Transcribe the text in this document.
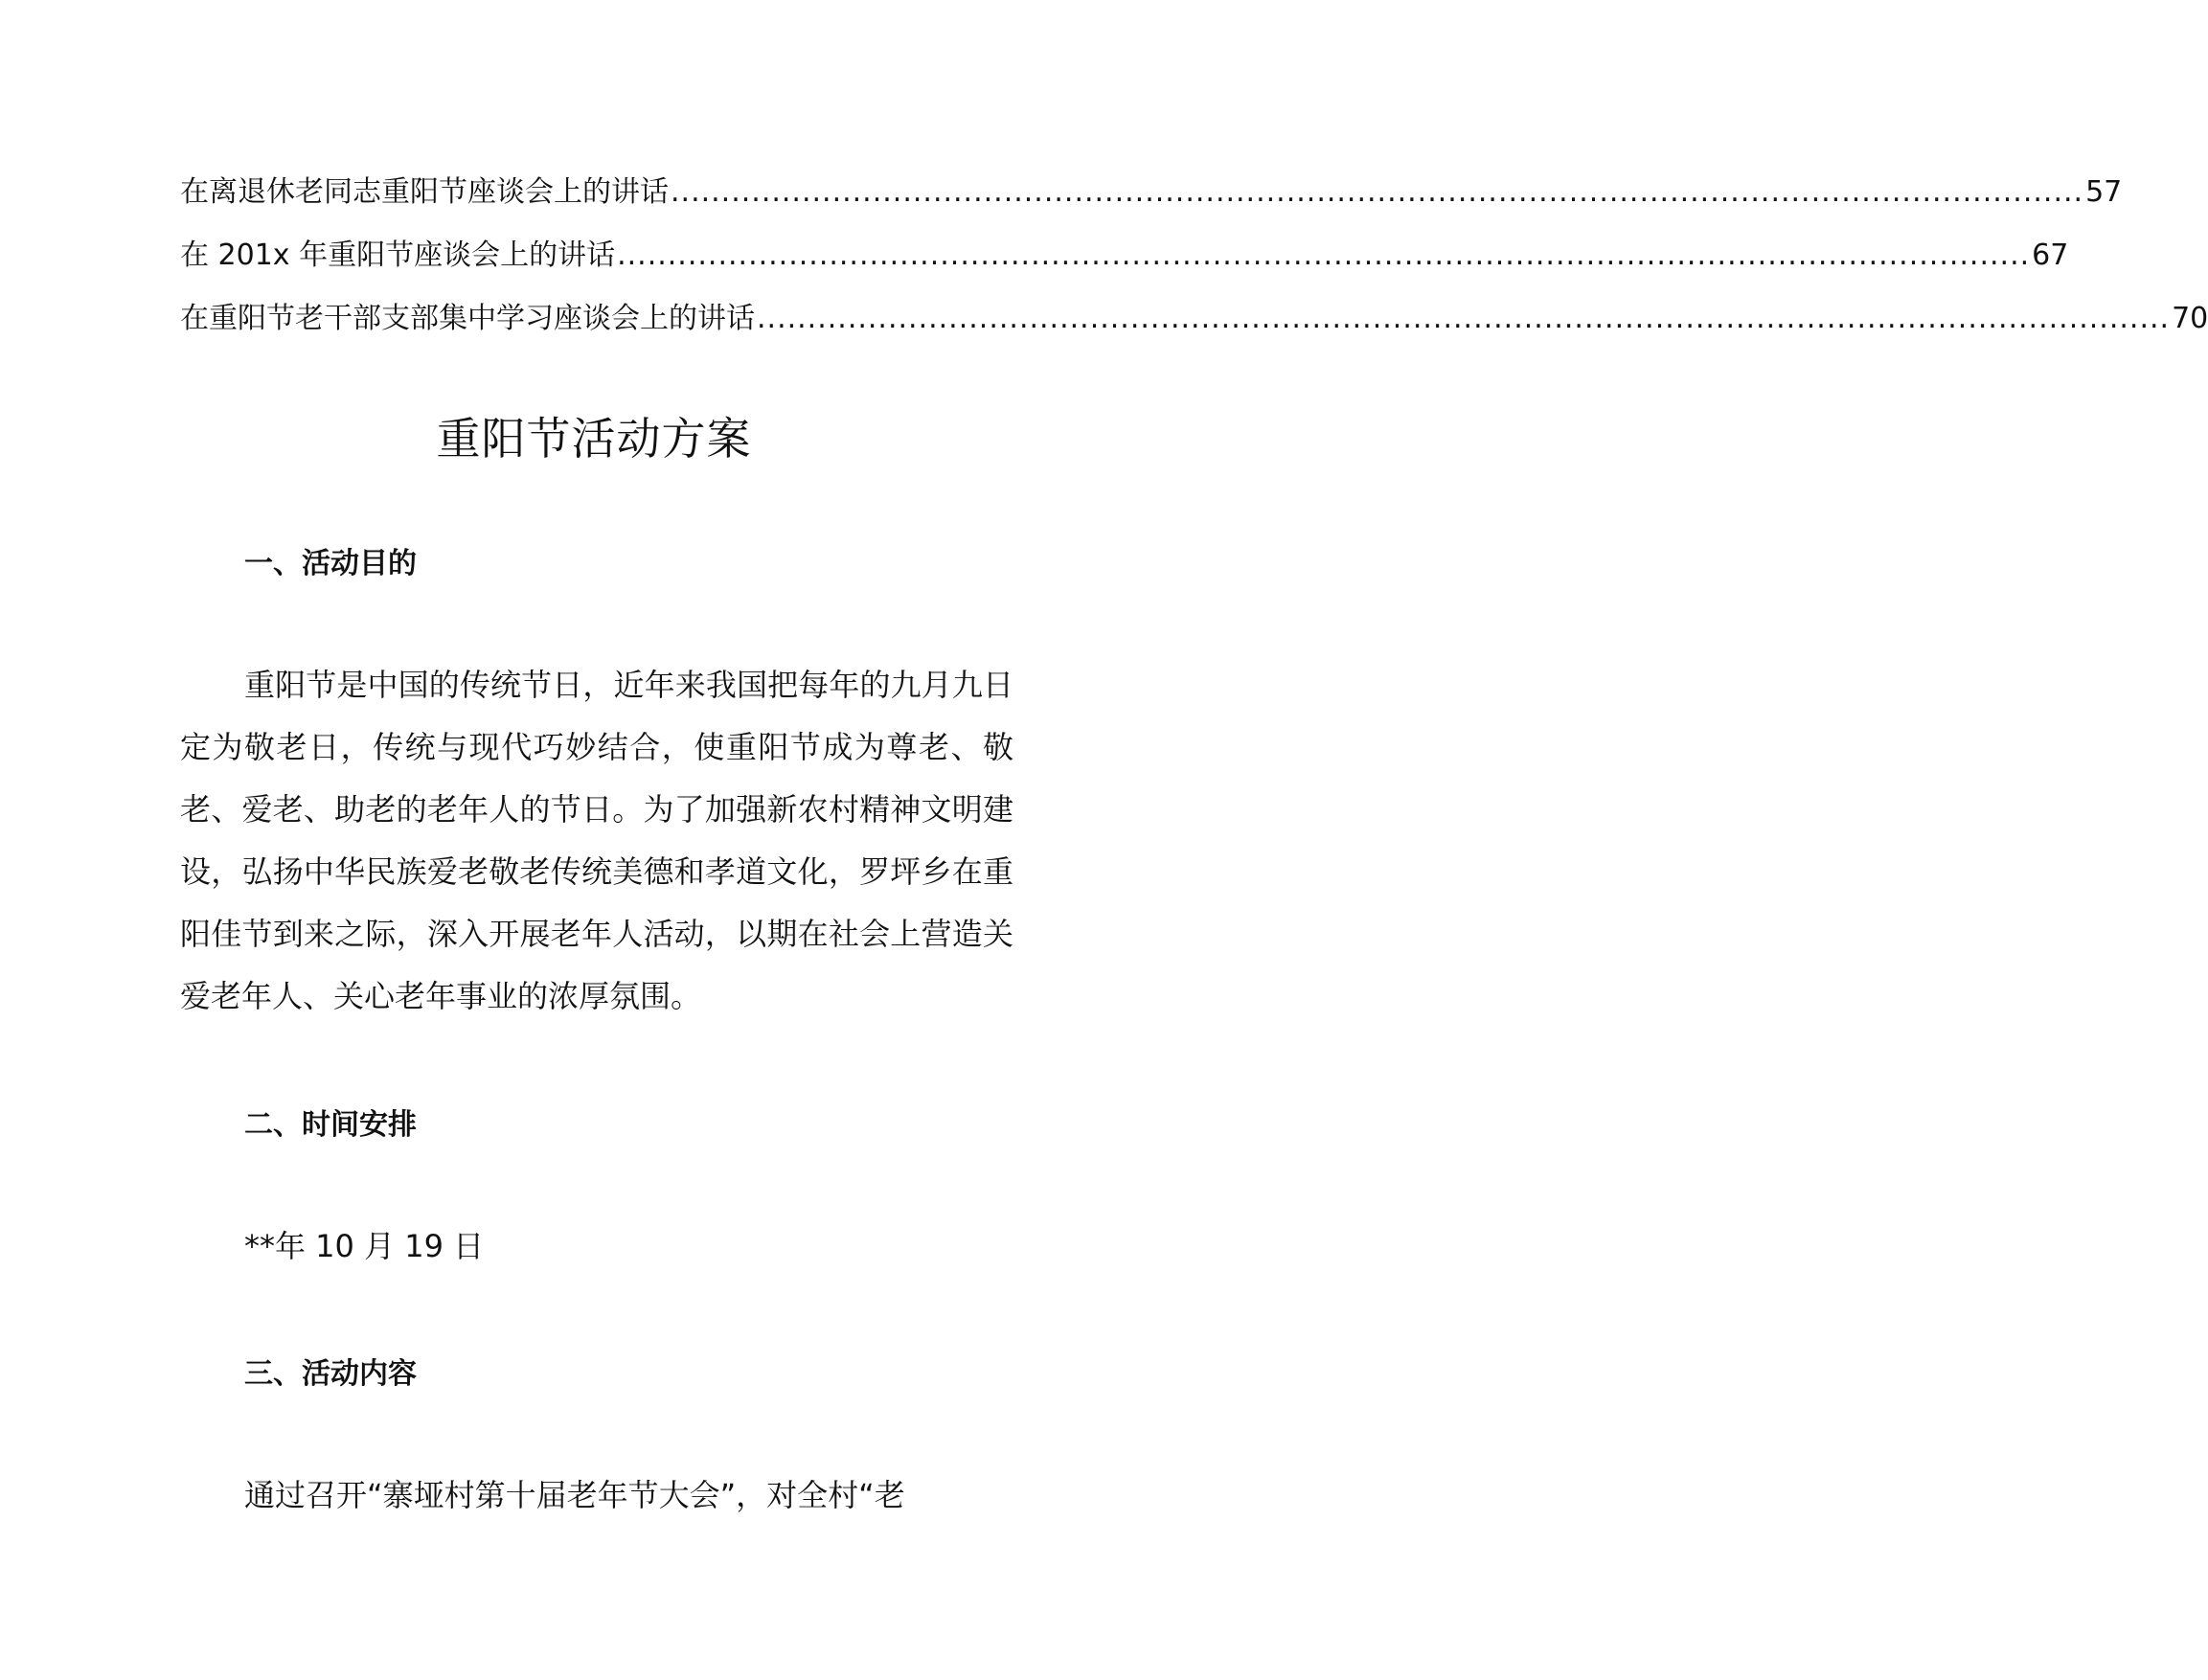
在离退休老同志重阳节座谈会上的讲话 ............................................................................................................................................ 57
在 201x 年重阳节座谈会上的讲话 ............................................................................................................................................ 67
在重阳节老干部支部集中学习座谈会上的讲话 ............................................................................................................................................ 70
重阳节活动方案
一、活动目的

重阳节是中国的传统节日，近年来我国把每年的九月九日定为敬老日，传统与现代巧妙结合，使重阳节成为尊老、敬老、爱老、助老的老年人的节日。为了加强新农村精神文明建设，弘扬中华民族爱老敬老传统美德和孝道文化，罗坪乡在重阳佳节到来之际，深入开展老年人活动，以期在社会上营造关爱老年人、关心老年事业的浓厚氛围。

二、时间安排

**年 10 月 19 日

三、活动内容

通过召开“寨垭村第十届老年节大会”，对全村“老
